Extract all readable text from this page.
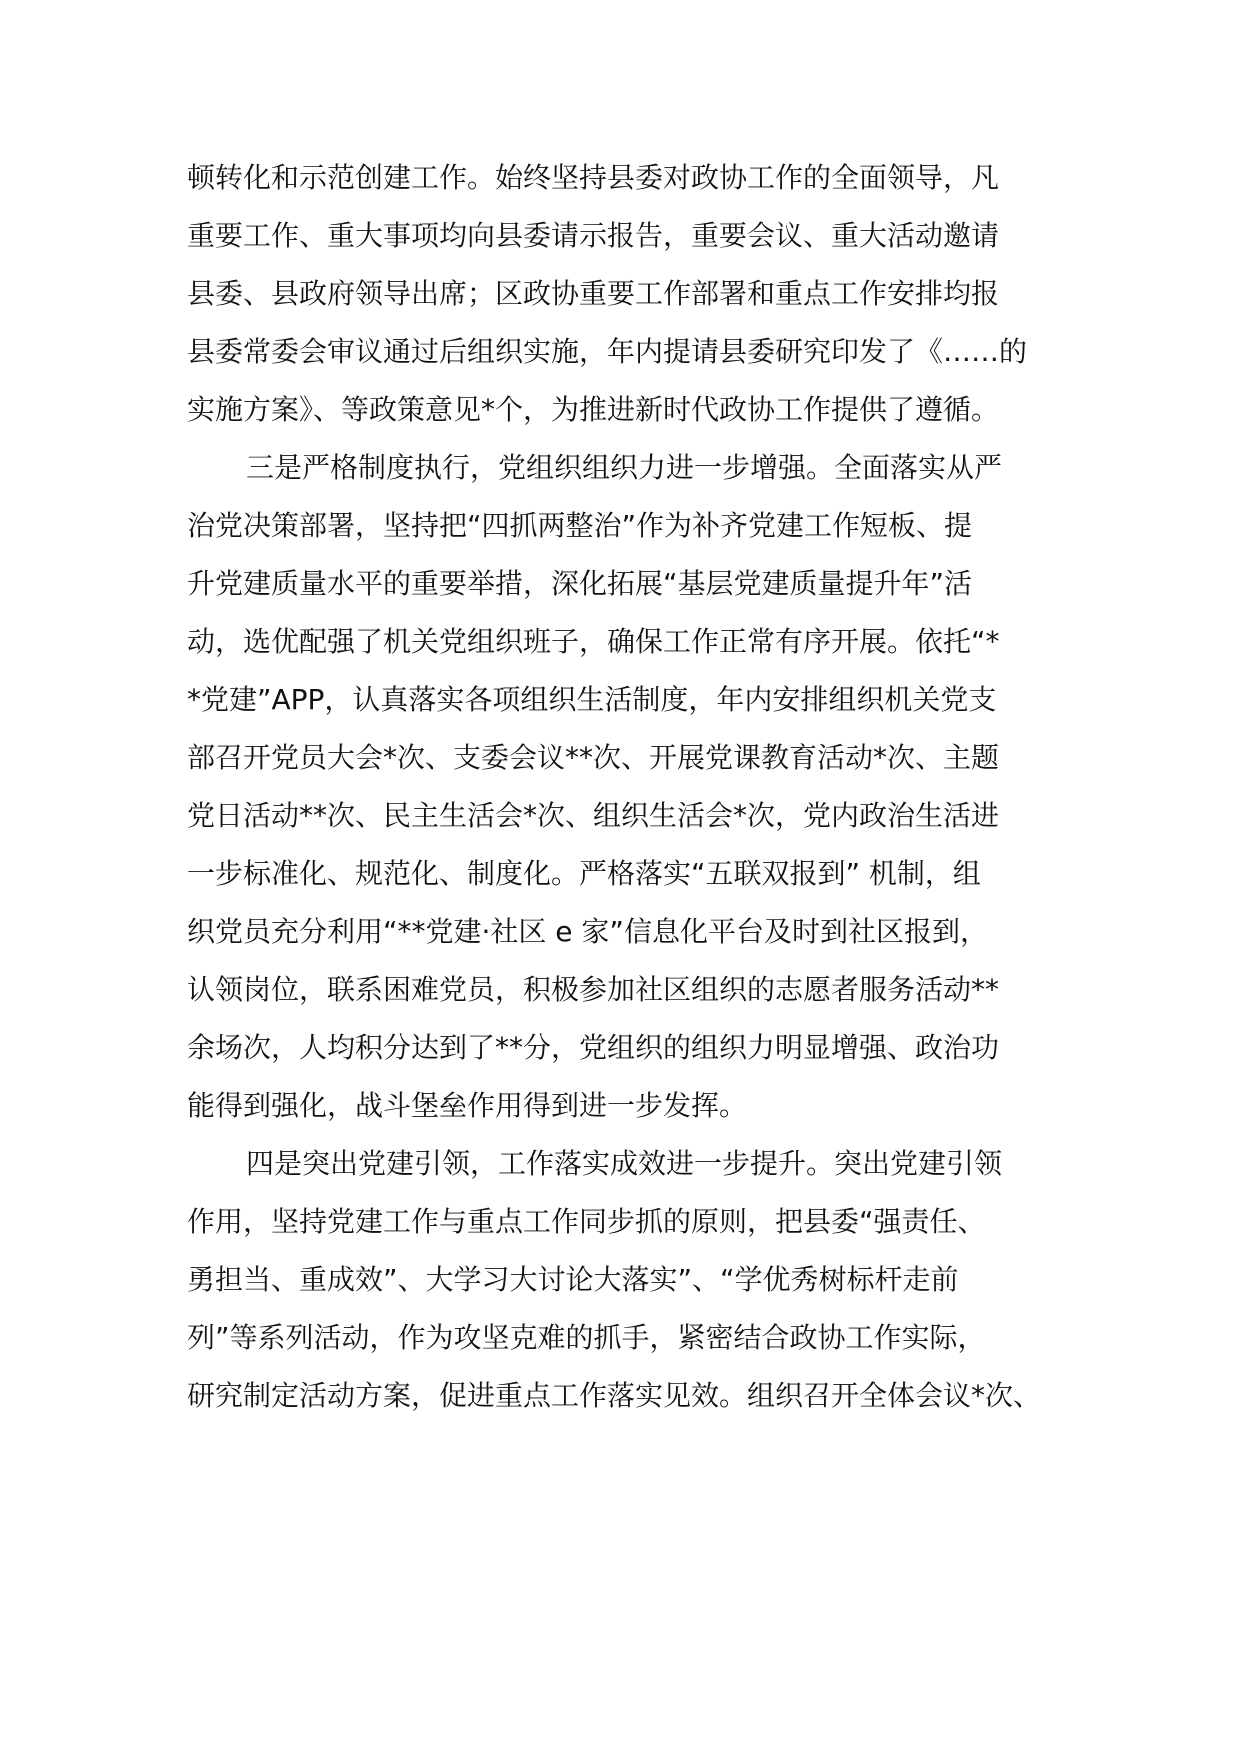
顿转化和示范创建工作。始终坚持县委对政协工作的全面领导，凡
重要工作、重大事项均向县委请示报告，重要会议、重大活动邀请
县委、县政府领导出席；区政协重要工作部署和重点工作安排均报
县委常委会审议通过后组织实施，年内提请县委研究印发了《……的
实施方案》、等政策意见*个，为推进新时代政协工作提供了遵循。
三是严格制度执行，党组织组织力进一步增强。全面落实从严
治党决策部署，坚持把“四抓两整治”作为补齐党建工作短板、提
升党建质量水平的重要举措，深化拓展“基层党建质量提升年”活
动，选优配强了机关党组织班子，确保工作正常有序开展。依托“*
*党建”APP，认真落实各项组织生活制度，年内安排组织机关党支
部召开党员大会*次、支委会议**次、开展党课教育活动*次、主题
党日活动**次、民主生活会*次、组织生活会*次，党内政治生活进
一步标准化、规范化、制度化。严格落实“五联双报到” 机制，组
织党员充分利用“**党建·社区 e 家”信息化平台及时到社区报到，
认领岗位，联系困难党员，积极参加社区组织的志愿者服务活动**
余场次，人均积分达到了**分，党组织的组织力明显增强、政治功
能得到强化，战斗堡垒作用得到进一步发挥。
四是突出党建引领，工作落实成效进一步提升。突出党建引领
作用，坚持党建工作与重点工作同步抓的原则，把县委“强责任、
勇担当、重成效”、大学习大讨论大落实”、“学优秀树标杆走前
列”等系列活动，作为攻坚克难的抓手，紧密结合政协工作实际，
研究制定活动方案，促进重点工作落实见效。组织召开全体会议*次、
